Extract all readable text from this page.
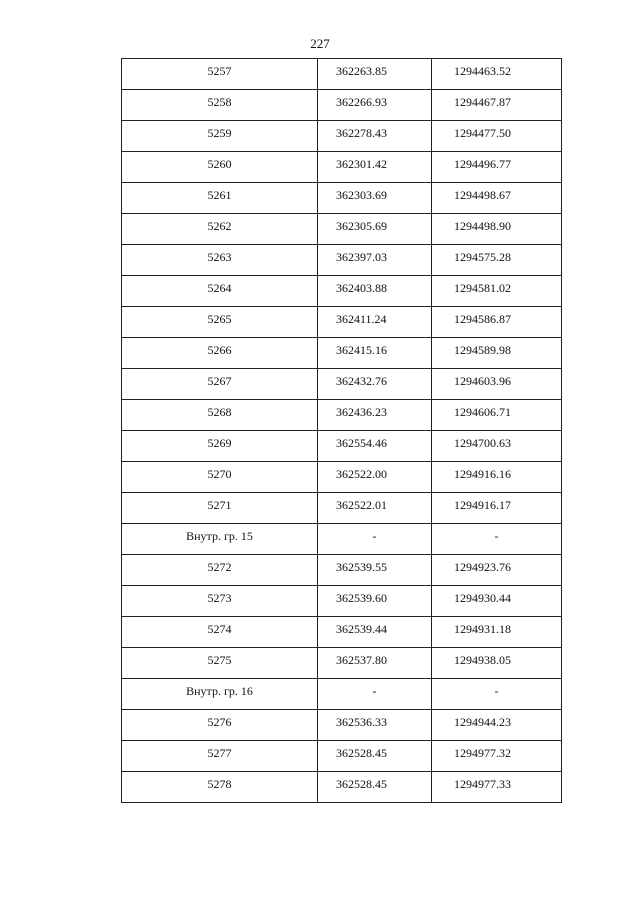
227
5257	362263.85	1294463.52

5258	362266.93	1294467.87

5259	362278.43	1294477.50

5260	362301.42	1294496.77

5261	362303.69	1294498.67

5262	362305.69	1294498.90

5263	362397.03	1294575.28

5264	362403.88	1294581.02

5265	362411.24	1294586.87

5266	362415.16	1294589.98

5267	362432.76	1294603.96

5268	362436.23	1294606.71

5269	362554.46	1294700.63

5270	362522.00	1294916.16

5271	362522.01	1294916.17

Внутр. гр. 15	-	-

5272	362539.55	1294923.76

5273	362539.60	1294930.44

5274	362539.44	1294931.18

5275	362537.80	1294938.05

Внутр. гр. 16	-	-

5276	362536.33	1294944.23

5277	362528.45	1294977.32

5278	362528.45	1294977.33
